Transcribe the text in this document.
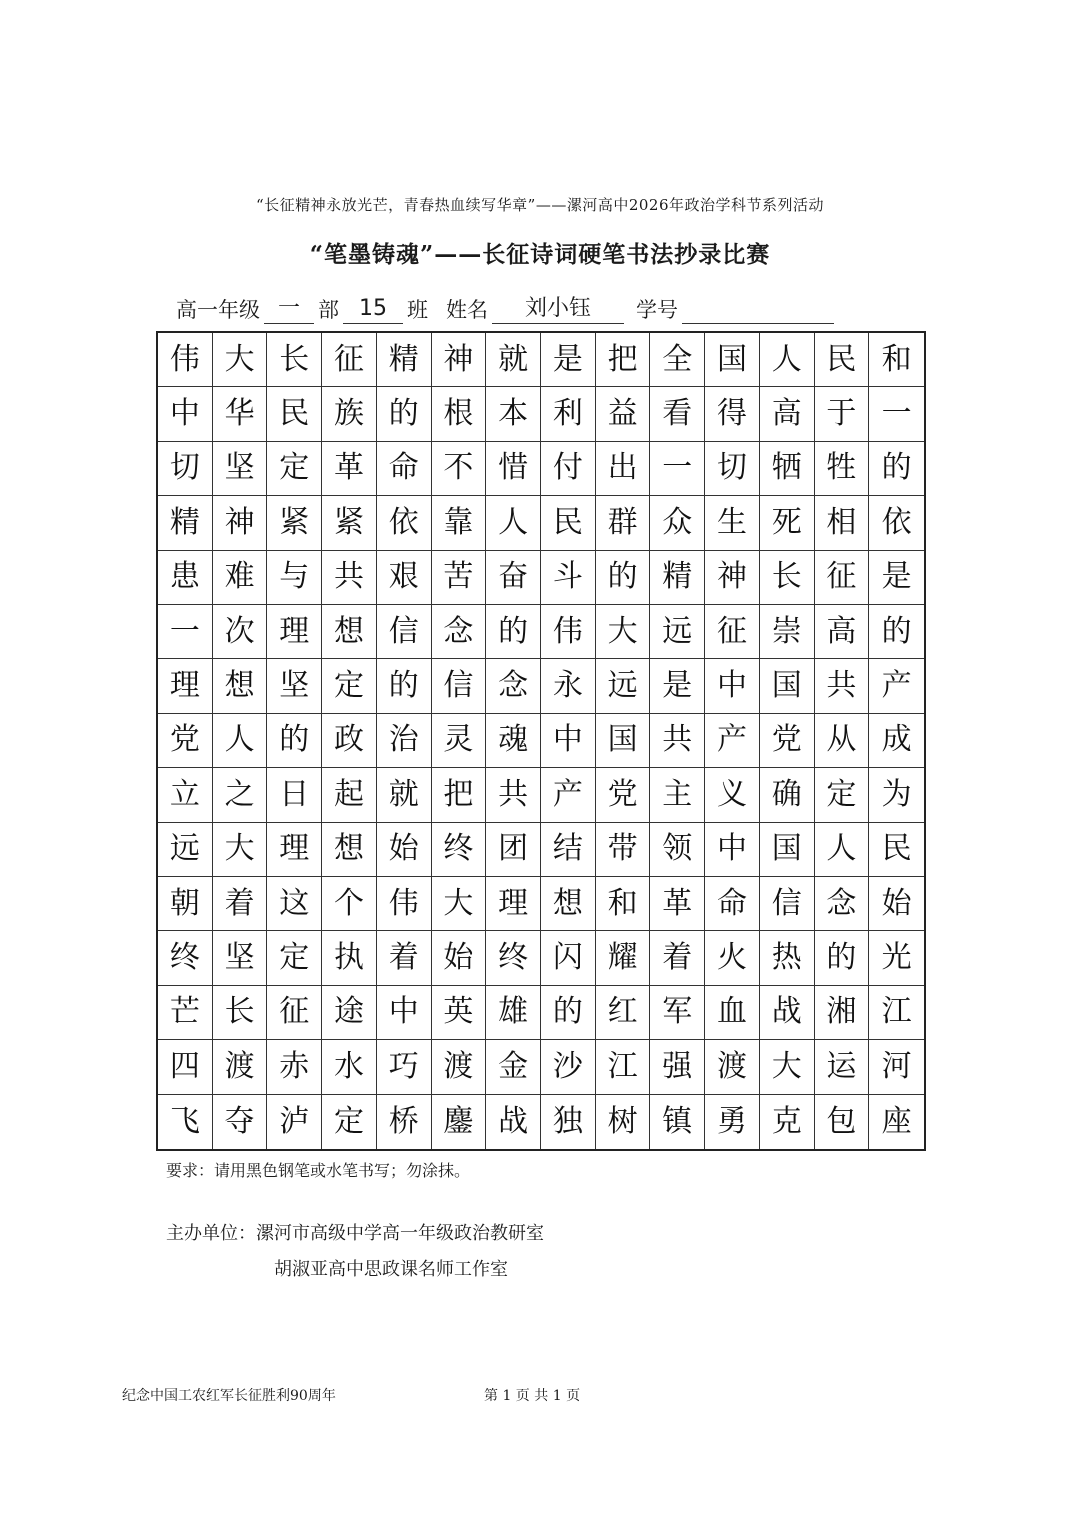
“长征精神永放光芒，青春热血续写华章”——漯河高中2026年政治学科节系列活动
“笔墨铸魂”——长征诗词硬笔书法抄录比赛
高一年级 一 部 15 班 姓名	刘小钰	学号
伟 大 长 征 精 神 就 是 把 全 国 人 民 和
中 华 民 族 的 根 本 利 益 看 得 高 于 一
切 坚 定 革 命 不 惜 付 出 一 切 牺 牲 的
精 神 紧 紧 依 靠 人 民 群 众 生 死 相 依
患 难 与 共 艰 苦 奋 斗 的 精 神 长 征 是
一 次 理 想 信 念 的 伟 大 远 征 崇 高 的
理 想 坚 定 的 信 念 永 远 是 中 国 共 产
党 人 的 政 治 灵 魂 中 国 共 产 党 从 成
立 之 日 起 就 把 共 产 党 主 义 确 定 为
远 大 理 想 始 终 团 结 带 领 中 国 人 民
朝 着 这 个 伟 大 理 想 和 革 命 信 念 始
终 坚 定 执 着 始 终 闪 耀 着 火 热 的 光
芒 长 征 途 中 英 雄 的 红 军 血 战 湘 江
四 渡 赤 水 巧 渡 金 沙 江 强 渡 大 运 河
飞 夺 泸 定 桥 鏖 战 独 树 镇 勇 克 包 座
要求：请用黑色钢笔或水笔书写；勿涂抹。
主办单位：漯河市高级中学高一年级政治教研室
胡淑亚高中思政课名师工作室
纪念中国工农红军长征胜利90周年	第 1 页 共 1 页
